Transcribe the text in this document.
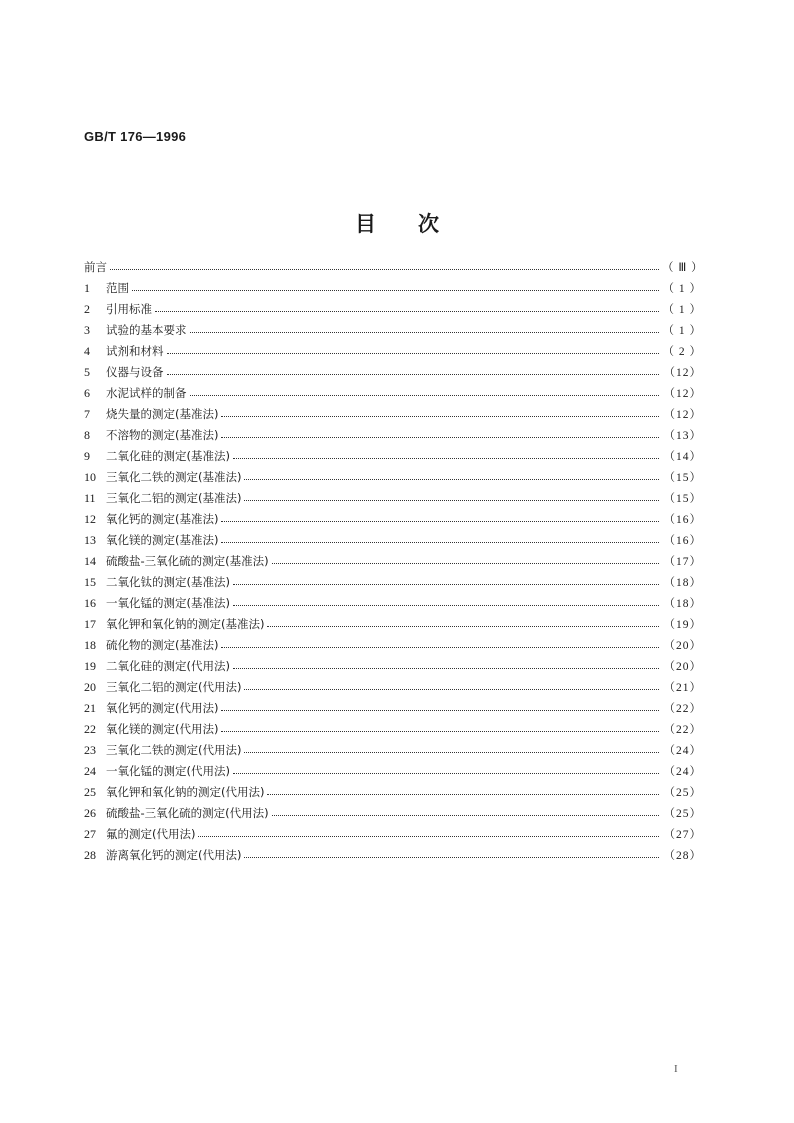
GB/T 176—1996
目　　次
前言	（ Ⅲ ）
1	范围	（ 1 ）
2	引用标准	（ 1 ）
3	试验的基本要求	（ 1 ）
4	试剂和材料	（ 2 ）
5	仪器与设备	（12）
6	水泥试样的制备	（12）
7	烧失量的测定(基准法)	（12）
8	不溶物的测定(基准法)	（13）
9	二氧化硅的测定(基准法)	（14）
10 三氧化二铁的测定(基准法)	（15）
11 三氧化二铝的测定(基准法)	（15）
12 氧化钙的测定(基准法)	（16）
13 氧化镁的测定(基准法)	（16）
14 硫酸盐-三氧化硫的测定(基准法)	（17）
15 二氧化钛的测定(基准法)	（18）
16 一氧化锰的测定(基准法)	（18）
17 氧化钾和氧化钠的测定(基准法)	（19）
18 硫化物的测定(基准法)	（20）
19 二氧化硅的测定(代用法)	（20）
20 三氧化二铝的测定(代用法)	（21）
21 氧化钙的测定(代用法)	（22）
22 氧化镁的测定(代用法)	（22）
23 三氧化二铁的测定(代用法)	（24）
24 一氧化锰的测定(代用法)	（24）
25 氧化钾和氧化钠的测定(代用法)	（25）
26 硫酸盐-三氧化硫的测定(代用法)	（25）
27 氟的测定(代用法)	（27）
28 游离氧化钙的测定(代用法)	（28）
I
